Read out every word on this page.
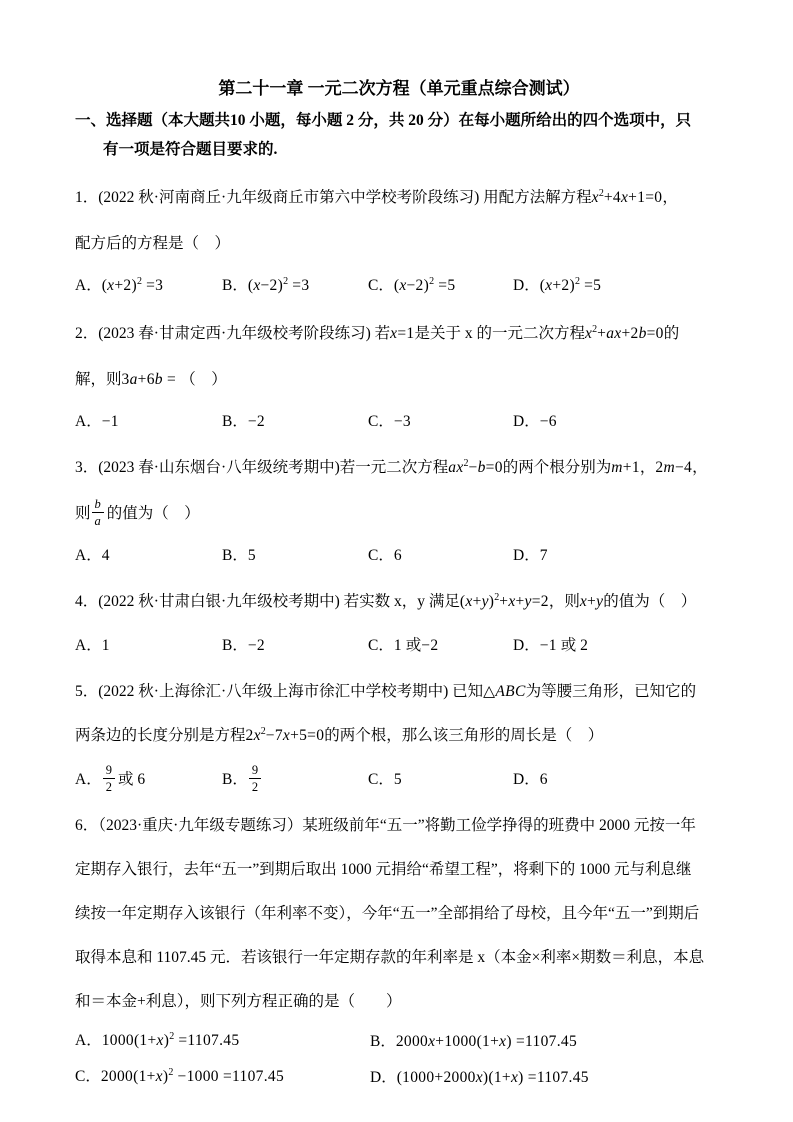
第二十一章 一元二次方程（单元重点综合测试）
一、选择题（本大题共10 小题，每小题 2 分，共 20 分）在每小题所给出的四个选项中，只
有一项是符合题目要求的.
1．(2022 秋·河南商丘·九年级商丘市第六中学校考阶段练习) 用配方法解方程$x^2+4x+1=0$，
配方后的方程是（　）
A．$(x+2)^2 =3$	B．$(x-2)^2 =3$	C．$(x-2)^2 =5$	D．$(x+2)^2 =5$
2．(2023 春·甘肃定西·九年级校考阶段练习) 若x=1是关于 x 的一元二次方程$x^2+ax+2b=0$的
解，则3a+6b = （　）
A．−1	B．−2	C．−3	D．−6
3．(2023 春·山东烟台·八年级统考期中)若一元二次方程$ax^2-b=0$的两个根分别为m+1，2m−4，
则 $\frac{b}{a}$ 的值为（　）
A．4	B．5	C．6	D．7
4．(2022 秋·甘肃白银·九年级校考期中) 若实数 x，y 满足$(x+y)^2+x+y=2$，则x+y的值为（　）
A．1	B．−2	C．1 或−2	D．−1 或 2
5．(2022 秋·上海徐汇·八年级上海市徐汇中学校考期中) 已知△ABC为等腰三角形，已知它的
两条边的长度分别是方程$2x^2-7x+5=0$的两个根，那么该三角形的周长是（　）
A． $\frac{9}{2}$ 或 6	B． $\frac{9}{2}$	C．5	D．6
6．（2023·重庆·九年级专题练习）某班级前年“五一”将勤工俭学挣得的班费中 2000 元按一年
定期存入银行，去年“五一”到期后取出 1000 元捐给“希望工程”，将剩下的 1000 元与利息继
续按一年定期存入该银行（年利率不变），今年“五一”全部捐给了母校，且今年“五一”到期后
取得本息和 1107.45 元．若该银行一年定期存款的年利率是 x（本金×利率×期数＝利息，本息
和＝本金+利息），则下列方程正确的是（　　）
A．$1000(1+x)^2 =1107.45$	B．2000x+1000(1+x) =1107.45
C．$2000(1+x)^2 -1000 =1107.45$	D．(1000+2000x)(1+x) =1107.45
